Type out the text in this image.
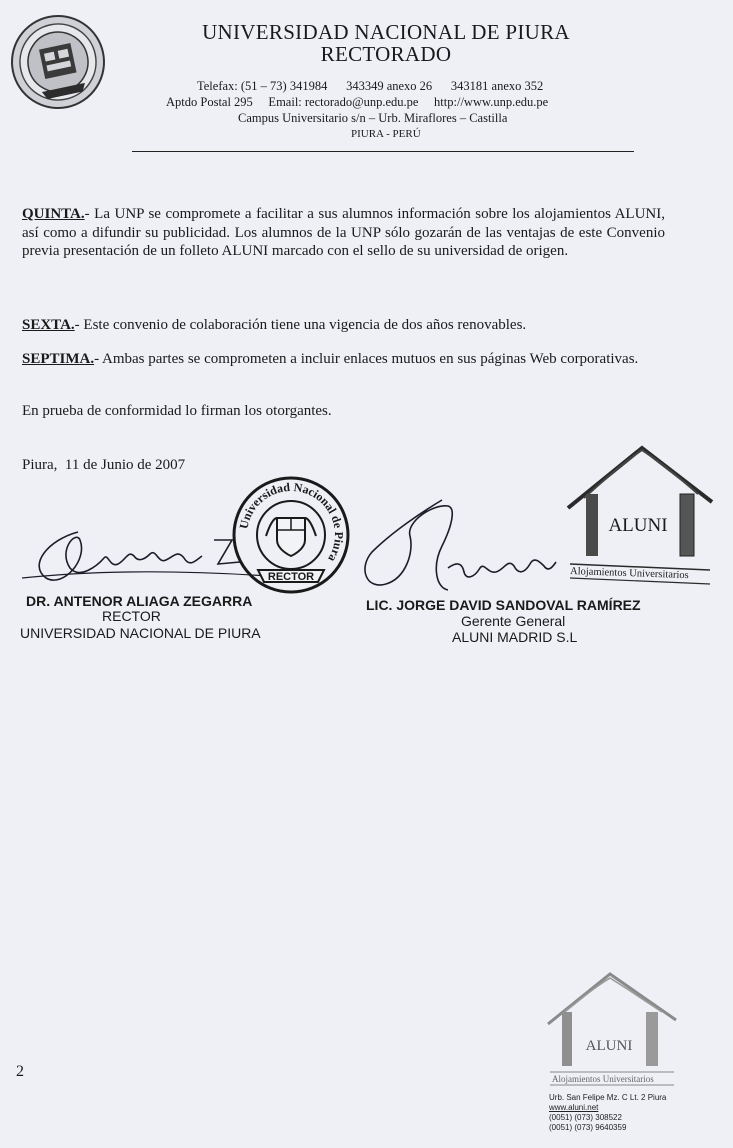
UNIVERSIDAD NACIONAL DE PIURA
RECTORADO
Telefax: (51 – 73) 341984      343349 anexo 26      343181 anexo 352
Aptdo Postal 295     Email: rectorado@unp.edu.pe     http://www.unp.edu.pe
Campus Universitario s/n – Urb. Miraflores – Castilla
PIURA - PERÚ
QUINTA.- La UNP se compromete a facilitar a sus alumnos información sobre los alojamientos ALUNI, así como a difundir su publicidad. Los alumnos de la UNP sólo gozarán de las ventajas de este Convenio previa presentación de un folleto ALUNI marcado con el sello de su universidad de origen.
SEXTA.- Este convenio de colaboración tiene una vigencia de dos años renovables.
SEPTIMA.- Ambas partes se comprometen a incluir enlaces mutuos en sus páginas Web corporativas.
En prueba de conformidad lo firman los otorgantes.
Piura,  11 de Junio de 2007
Universidad Nacional de Piura
RECTOR
ALUNI
Alojamientos Universitarios
DR. ANTENOR ALIAGA ZEGARRA
RECTOR
UNIVERSIDAD NACIONAL DE PIURA
LIC. JORGE DAVID SANDOVAL RAMÍREZ
Gerente General
ALUNI MADRID S.L
2
ALUNI
Alojamientos Universitarios
Urb. San Felipe Mz. C Lt. 2 Piura
www.aluni.net
(0051) (073) 308522
(0051) (073) 9640359
